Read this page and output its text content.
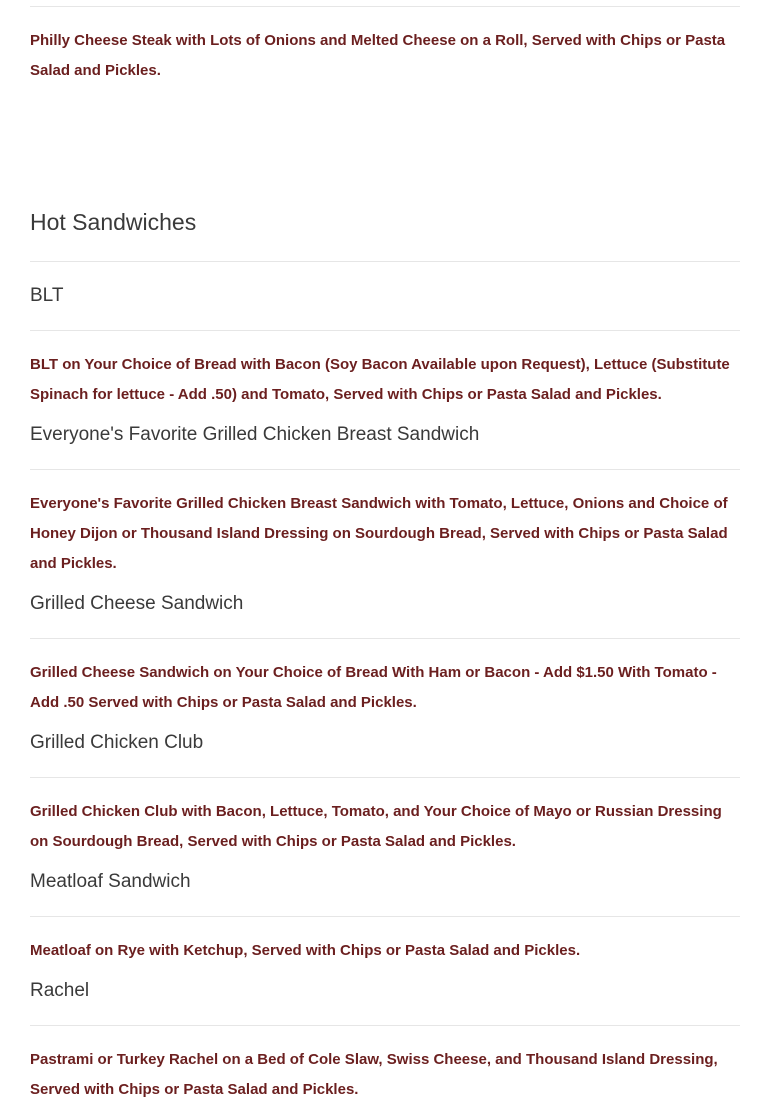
Philly Cheese Steak with Lots of Onions and Melted Cheese on a Roll, Served with Chips or Pasta Salad and Pickles.

Hot Sandwiches
BLT

BLT on Your Choice of Bread with Bacon (Soy Bacon Available upon Request), Lettuce (Substitute Spinach for lettuce - Add .50) and Tomato, Served with Chips or Pasta Salad and Pickles.

Everyone's Favorite Grilled Chicken Breast Sandwich

Everyone's Favorite Grilled Chicken Breast Sandwich with Tomato, Lettuce, Onions and Choice of Honey Dijon or Thousand Island Dressing on Sourdough Bread, Served with Chips or Pasta Salad and Pickles.

Grilled Cheese Sandwich

Grilled Cheese Sandwich on Your Choice of Bread With Ham or Bacon - Add $1.50 With Tomato - Add .50 Served with Chips or Pasta Salad and Pickles.

Grilled Chicken Club

Grilled Chicken Club with Bacon, Lettuce, Tomato, and Your Choice of Mayo or Russian Dressing on Sourdough Bread, Served with Chips or Pasta Salad and Pickles.

Meatloaf Sandwich

Meatloaf on Rye with Ketchup, Served with Chips or Pasta Salad and Pickles.

Rachel

Pastrami or Turkey Rachel on a Bed of Cole Slaw, Swiss Cheese, and Thousand Island Dressing, Served with Chips or Pasta Salad and Pickles.
